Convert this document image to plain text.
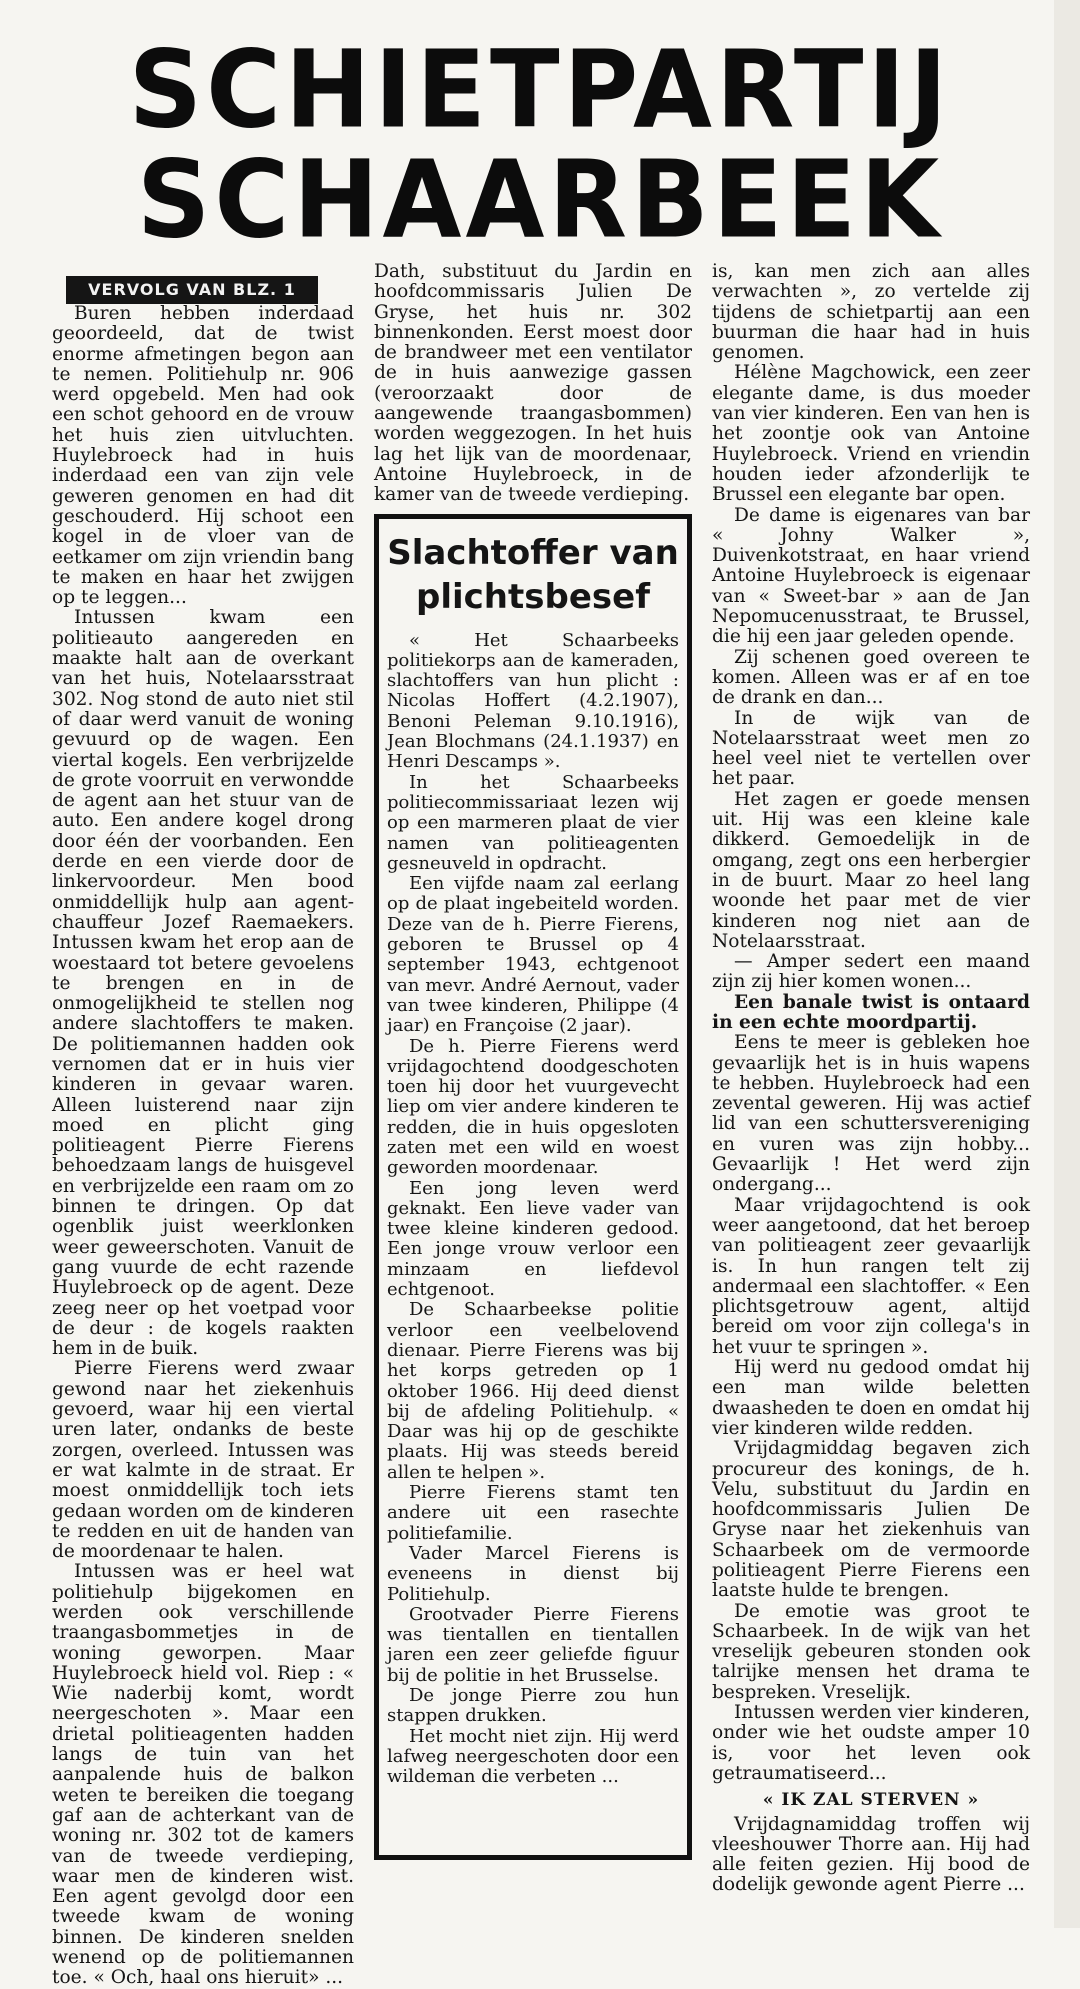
SCHIETPARTIJ
SCHAARBEEK
VERVOLG VAN BLZ. 1

Buren hebben inderdaad geoordeeld, dat de twist enorme afmetingen begon aan te nemen. Politiehulp nr. 906 werd opgebeld. Men had ook een schot gehoord en de vrouw het huis zien uitvluchten. Huylebroeck had in huis inderdaad een van zijn vele geweren genomen en had dit geschouderd. Hij schoot een kogel in de vloer van de eetkamer om zijn vriendin bang te maken en haar het zwijgen op te leggen...

Intussen kwam een politieauto aangereden en maakte halt aan de overkant van het huis, Notelaarsstraat 302. Nog stond de auto niet stil of daar werd vanuit de woning gevuurd op de wagen. Een viertal kogels. Een verbrijzelde de grote voorruit en verwondde de agent aan het stuur van de auto. Een andere kogel drong door één der voorbanden. Een derde en een vierde door de linkervoordeur. Men bood onmiddellijk hulp aan agent-chauffeur Jozef Raemaekers. Intussen kwam het erop aan de woestaard tot betere gevoelens te brengen en in de onmogelijkheid te stellen nog andere slachtoffers te maken. De politiemannen hadden ook vernomen dat er in huis vier kinderen in gevaar waren. Alleen luisterend naar zijn moed en plicht ging politieagent Pierre Fierens behoedzaam langs de huisgevel en verbrijzelde een raam om zo binnen te dringen. Op dat ogenblik juist weerklonken weer geweerschoten. Vanuit de gang vuurde de echt razende Huylebroeck op de agent. Deze zeeg neer op het voetpad voor de deur : de kogels raakten hem in de buik.

Pierre Fierens werd zwaar gewond naar het ziekenhuis gevoerd, waar hij een viertal uren later, ondanks de beste zorgen, overleed. Intussen was er wat kalmte in de straat. Er moest onmiddellijk toch iets gedaan worden om de kinderen te redden en uit de handen van de moordenaar te halen.

Intussen was er heel wat politiehulp bijgekomen en werden ook verschillende traangasbommetjes in de woning geworpen. Maar Huylebroeck hield vol. Riep : « Wie naderbij komt, wordt neergeschoten ». Maar een drietal politieagenten hadden langs de tuin van het aanpalende huis de balkon weten te bereiken die toegang gaf aan de achterkant van de woning nr. 302 tot de kamers van de tweede verdieping, waar men de kinderen wist. Een agent gevolgd door een tweede kwam de woning binnen. De kinderen snelden wenend op de politiemannen toe. « Och, haal ons hieruit» ...

Dath, substituut du Jardin en hoofdcommissaris Julien De Gryse, het huis nr. 302 binnenkonden. Eerst moest door de brandweer met een ventilator de in huis aanwezige gassen (veroorzaakt door de aangewende traangasbommen) worden weggezogen. In het huis lag het lijk van de moordenaar, Antoine Huylebroeck, in de kamer van de tweede verdieping.

Slachtoffer van plichtsbesef

« Het Schaarbeeks politiekorps aan de kameraden, slachtoffers van hun plicht : Nicolas Hoffert (4.2.1907), Benoni Peleman 9.10.1916), Jean Blochmans (24.1.1937) en Henri Descamps ».

In het Schaarbeeks politiecommissariaat lezen wij op een marmeren plaat de vier namen van politieagenten gesneuveld in opdracht.

Een vijfde naam zal eerlang op de plaat ingebeiteld worden. Deze van de h. Pierre Fierens, geboren te Brussel op 4 september 1943, echtgenoot van mevr. André Aernout, vader van twee kinderen, Philippe (4 jaar) en Françoise (2 jaar).

De h. Pierre Fierens werd vrijdagochtend doodgeschoten toen hij door het vuurgevecht liep om vier andere kinderen te redden, die in huis opgesloten zaten met een wild en woest geworden moordenaar.

Een jong leven werd geknakt. Een lieve vader van twee kleine kinderen gedood. Een jonge vrouw verloor een minzaam en liefdevol echtgenoot.

De Schaarbeekse politie verloor een veelbelovend dienaar. Pierre Fierens was bij het korps getreden op 1 oktober 1966. Hij deed dienst bij de afdeling Politiehulp. « Daar was hij op de geschikte plaats. Hij was steeds bereid allen te helpen ».

Pierre Fierens stamt ten andere uit een rasechte politiefamilie.

Vader Marcel Fierens is eveneens in dienst bij Politiehulp.

Grootvader Pierre Fierens was tientallen en tientallen jaren een zeer geliefde figuur bij de politie in het Brusselse.

De jonge Pierre zou hun stappen drukken.

Het mocht niet zijn. Hij werd lafweg neergeschoten door een wildeman die verbeten ...

is, kan men zich aan alles verwachten », zo vertelde zij tijdens de schietpartij aan een buurman die haar had in huis genomen.

Hélène Magchowick, een zeer elegante dame, is dus moeder van vier kinderen. Een van hen is het zoontje ook van Antoine Huylebroeck. Vriend en vriendin houden ieder afzonderlijk te Brussel een elegante bar open.

De dame is eigenares van bar « Johny Walker », Duivenkotstraat, en haar vriend Antoine Huylebroeck is eigenaar van « Sweet-bar » aan de Jan Nepomucenusstraat, te Brussel, die hij een jaar geleden opende.

Zij schenen goed overeen te komen. Alleen was er af en toe de drank en dan...

In de wijk van de Notelaarsstraat weet men zo heel veel niet te vertellen over het paar.

Het zagen er goede mensen uit. Hij was een kleine kale dikkerd. Gemoedelijk in de omgang, zegt ons een herbergier in de buurt. Maar zo heel lang woonde het paar met de vier kinderen nog niet aan de Notelaarsstraat.

— Amper sedert een maand zijn zij hier komen wonen...

Een banale twist is ontaard in een echte moordpartij.

Eens te meer is gebleken hoe gevaarlijk het is in huis wapens te hebben. Huylebroeck had een zevental geweren. Hij was actief lid van een schuttersvereniging en vuren was zijn hobby... Gevaarlijk ! Het werd zijn ondergang...

Maar vrijdagochtend is ook weer aangetoond, dat het beroep van politieagent zeer gevaarlijk is. In hun rangen telt zij andermaal een slachtoffer. « Een plichtsgetrouw agent, altijd bereid om voor zijn collega's in het vuur te springen ».

Hij werd nu gedood omdat hij een man wilde beletten dwaasheden te doen en omdat hij vier kinderen wilde redden.

Vrijdagmiddag begaven zich procureur des konings, de h. Velu, substituut du Jardin en hoofdcommissaris Julien De Gryse naar het ziekenhuis van Schaarbeek om de vermoorde politieagent Pierre Fierens een laatste hulde te brengen.

De emotie was groot te Schaarbeek. In de wijk van het vreselijk gebeuren stonden ook talrijke mensen het drama te bespreken. Vreselijk.

Intussen werden vier kinderen, onder wie het oudste amper 10 is, voor het leven ook getraumatiseerd...

« IK ZAL STERVEN »

Vrijdagnamiddag troffen wij vleeshouwer Thorre aan. Hij had alle feiten gezien. Hij bood de dodelijk gewonde agent Pierre ...
